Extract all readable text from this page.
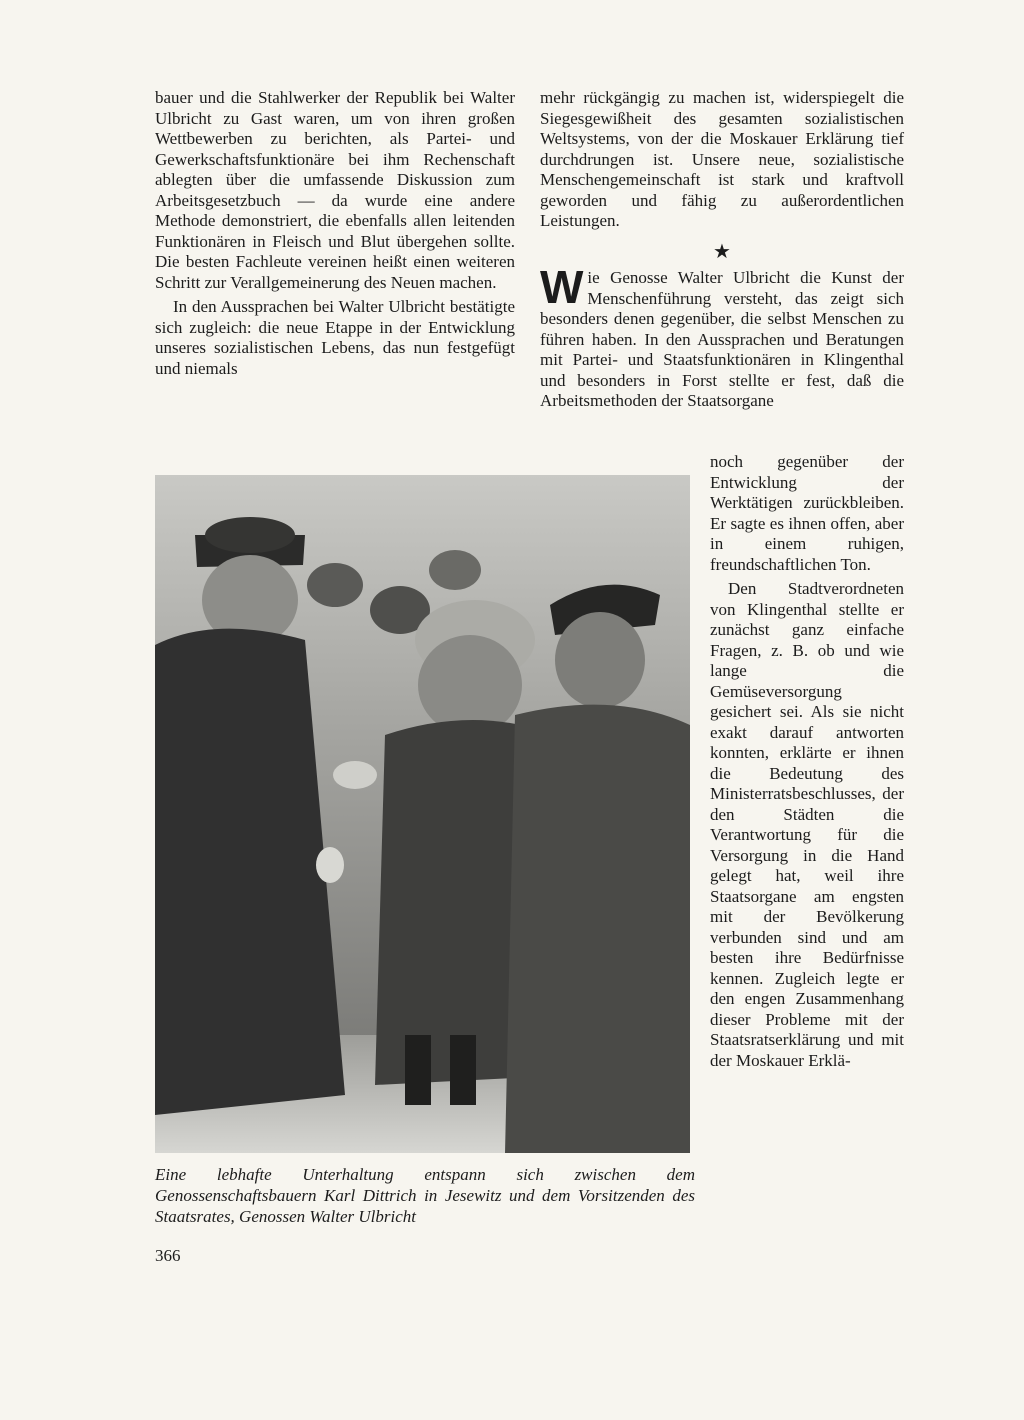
bauer und die Stahlwerker der Republik bei Walter Ulbricht zu Gast waren, um von ihren großen Wettbewerben zu berichten, als Partei- und Gewerkschaftsfunktionäre bei ihm Rechenschaft ablegten über die umfassende Diskussion zum Arbeitsgesetzbuch — da wurde eine andere Methode demonstriert, die ebenfalls allen leitenden Funktionären in Fleisch und Blut übergehen sollte. Die besten Fachleute vereinen heißt einen weiteren Schritt zur Verallgemeinerung des Neuen machen.

In den Aussprachen bei Walter Ulbricht bestätigte sich zugleich: die neue Etappe in der Entwicklung unseres sozialistischen Lebens, das nun festgefügt und niemals

mehr rückgängig zu machen ist, widerspiegelt die Siegesgewißheit des gesamten sozialistischen Weltsystems, von der die Moskauer Erklärung tief durchdrungen ist. Unsere neue, sozialistische Menschengemeinschaft ist stark und kraftvoll geworden und fähig zu außerordentlichen Leistungen.

★

Wie Genosse Walter Ulbricht die Kunst der Menschenführung versteht, das zeigt sich besonders denen gegenüber, die selbst Menschen zu führen haben. In den Aussprachen und Beratungen mit Partei- und Staatsfunktionären in Klingenthal und besonders in Forst stellte er fest, daß die Arbeitsmethoden der Staatsorgane

noch gegenüber der Entwicklung der Werktätigen zurückbleiben. Er sagte es ihnen offen, aber in einem ruhigen, freundschaftlichen Ton.

Den Stadtverordneten von Klingenthal stellte er zunächst ganz einfache Fragen, z. B. ob und wie lange die Gemüseversorgung gesichert sei. Als sie nicht exakt darauf antworten konnten, erklärte er ihnen die Bedeutung des Ministerratsbeschlusses, der den Städten die Verantwortung für die Versorgung in die Hand gelegt hat, weil ihre Staatsorgane am engsten mit der Bevölkerung verbunden sind und am besten ihre Bedürfnisse kennen. Zugleich legte er den engen Zusammenhang dieser Probleme mit der Staatsratserklärung und mit der Moskauer Erklä-

Eine lebhafte Unterhaltung entspann sich zwischen dem Genossenschaftsbauern Karl Dittrich in Jesewitz und dem Vorsitzenden des Staatsrates, Genossen Walter Ulbricht
366
